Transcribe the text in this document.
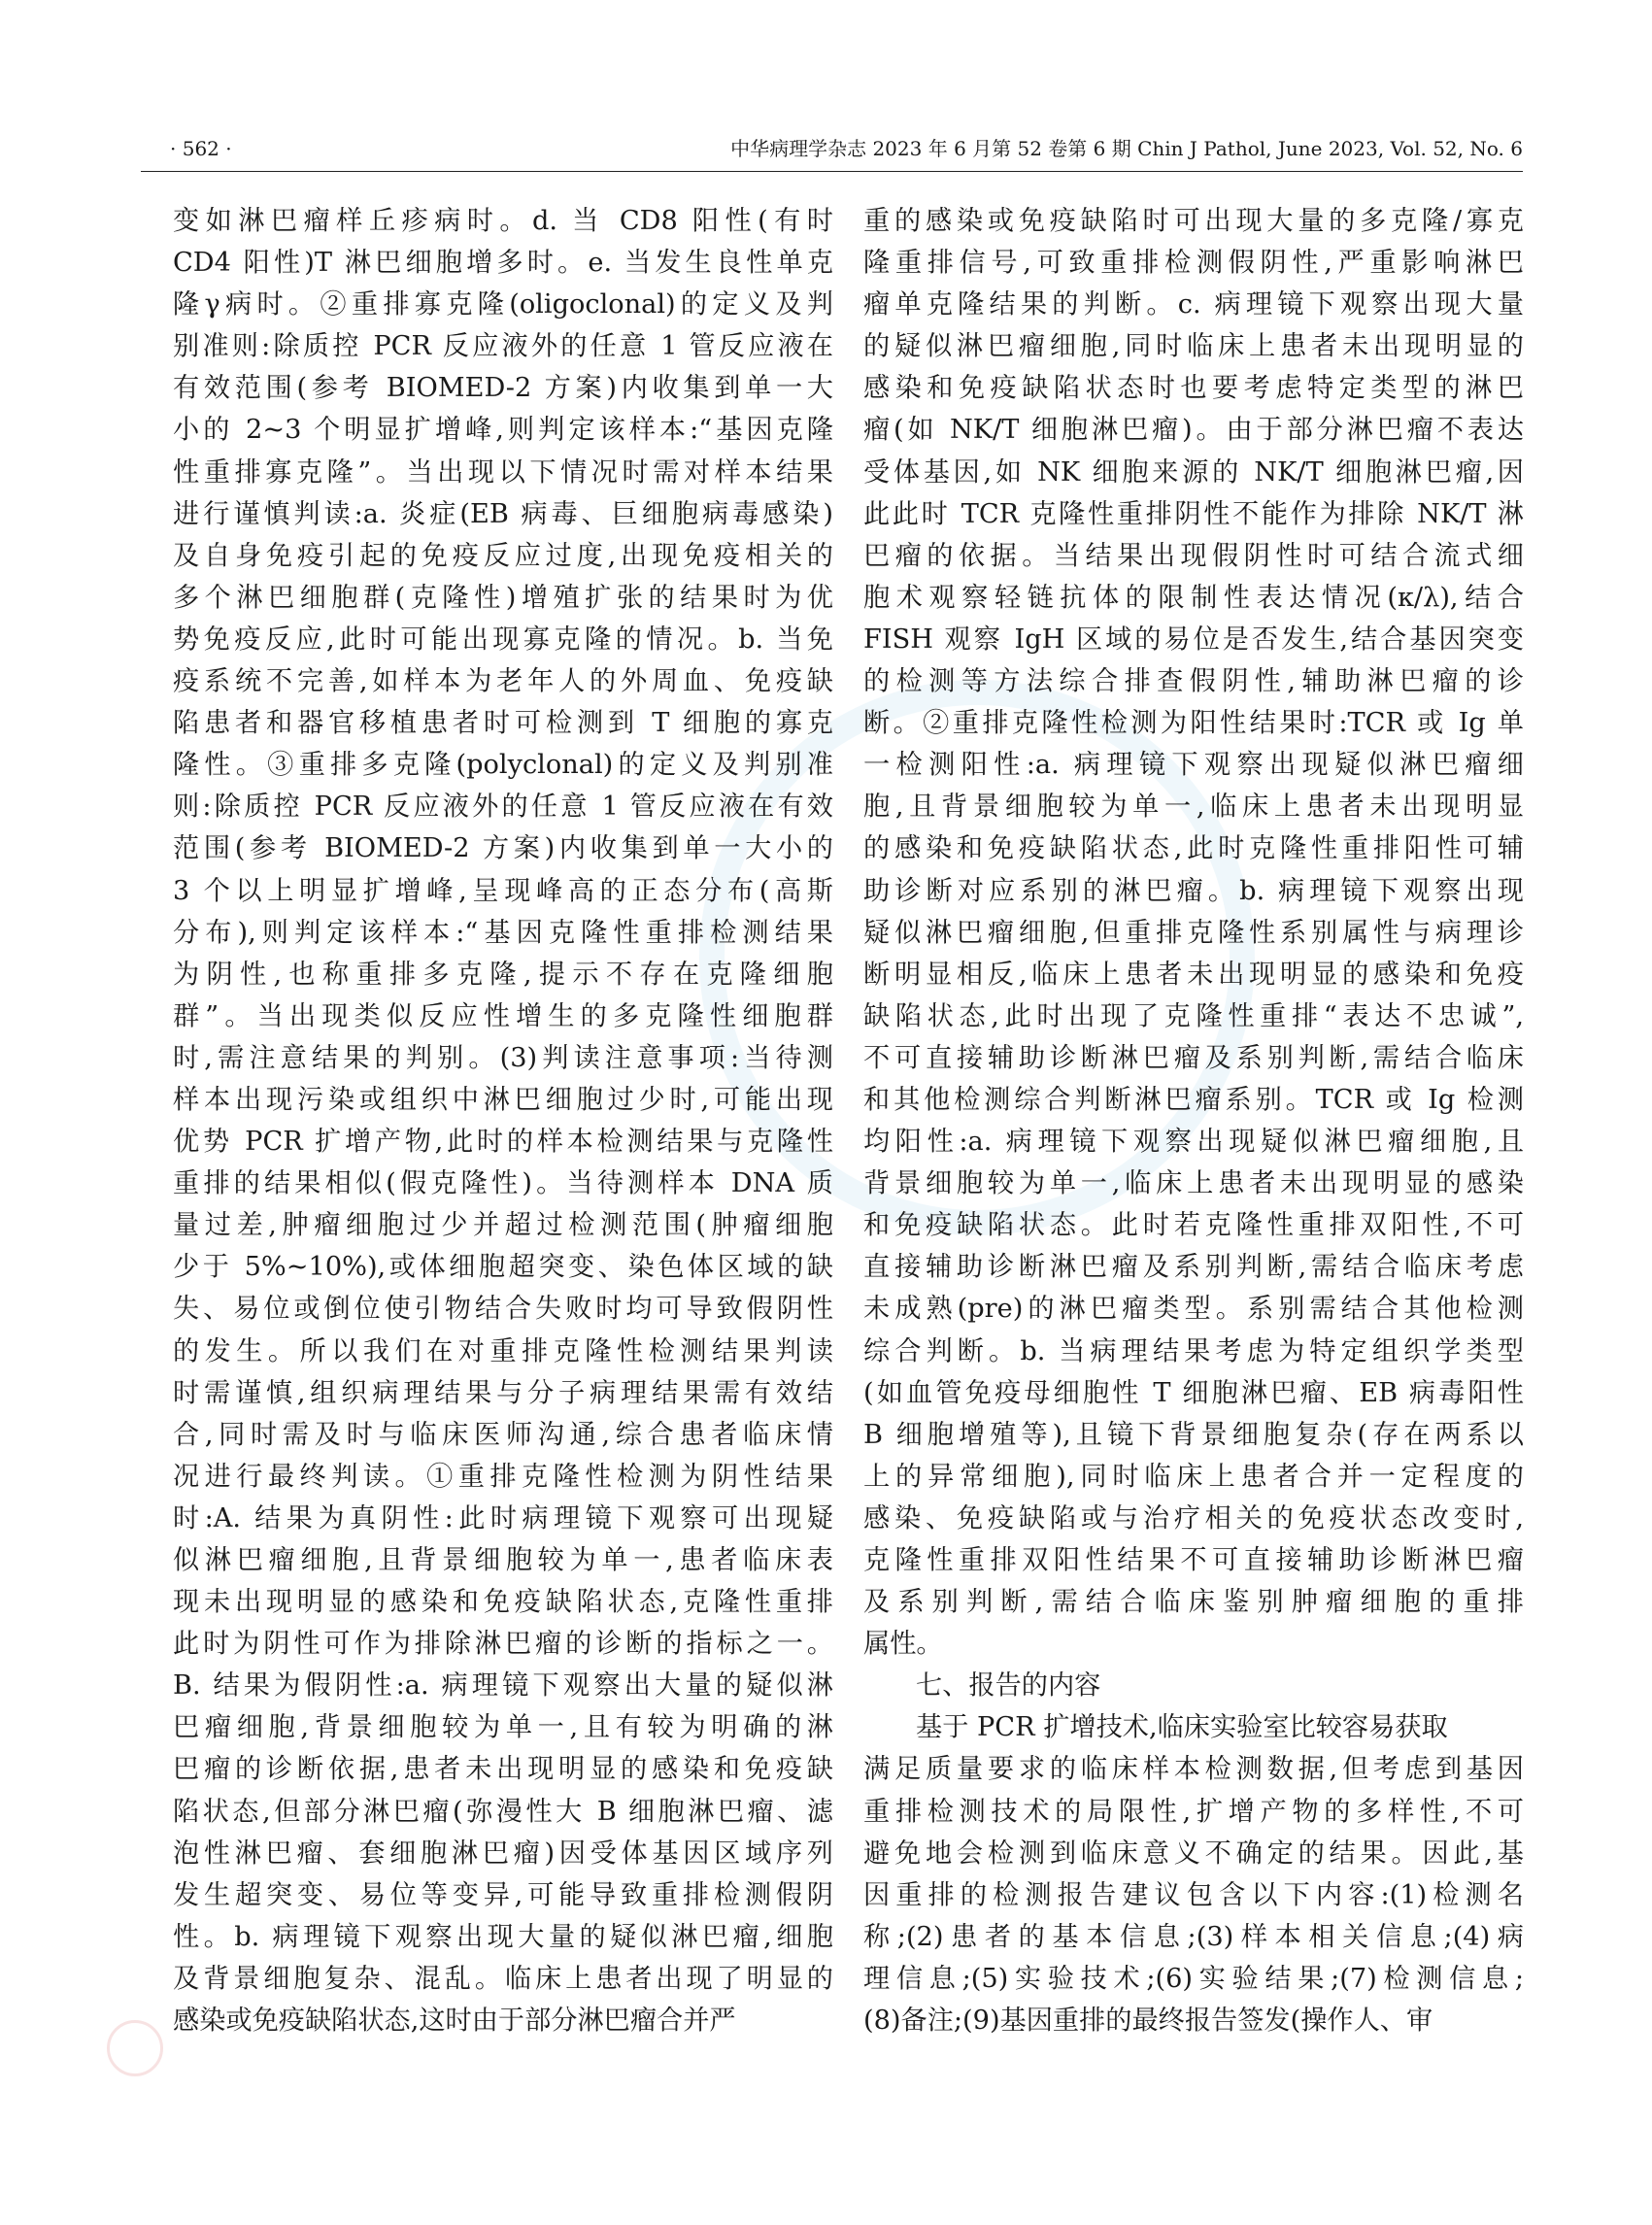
· 562 ·	中华病理学杂志 2023 年 6 月第 52 卷第 6 期 Chin J Pathol, June 2023, Vol. 52, No. 6
变如淋巴瘤样丘疹病时。d. 当 CD8 阳性(有时
CD4 阳性)T 淋巴细胞增多时。e. 当发生良性单克
隆γ病时。②重排寡克隆(oligoclonal)的定义及判
别准则:除质控 PCR 反应液外的任意 1 管反应液在
有效范围(参考 BIOMED-2 方案)内收集到单一大
小的 2~3 个明显扩增峰,则判定该样本:“基因克隆
性重排寡克隆”。当出现以下情况时需对样本结果
进行谨慎判读:a. 炎症(EB 病毒、巨细胞病毒感染)
及自身免疫引起的免疫反应过度,出现免疫相关的
多个淋巴细胞群(克隆性)增殖扩张的结果时为优
势免疫反应,此时可能出现寡克隆的情况。b. 当免
疫系统不完善,如样本为老年人的外周血、免疫缺
陷患者和器官移植患者时可检测到 T 细胞的寡克
隆性。③重排多克隆(polyclonal)的定义及判别准
则:除质控 PCR 反应液外的任意 1 管反应液在有效
范围(参考 BIOMED-2 方案)内收集到单一大小的
3 个以上明显扩增峰,呈现峰高的正态分布(高斯
分布),则判定该样本:“基因克隆性重排检测结果
为阴性,也称重排多克隆,提示不存在克隆细胞
群”。当出现类似反应性增生的多克隆性细胞群
时,需注意结果的判别。(3)判读注意事项:当待测
样本出现污染或组织中淋巴细胞过少时,可能出现
优势 PCR 扩增产物,此时的样本检测结果与克隆性
重排的结果相似(假克隆性)。当待测样本 DNA 质
量过差,肿瘤细胞过少并超过检测范围(肿瘤细胞
少于 5%~10%),或体细胞超突变、染色体区域的缺
失、易位或倒位使引物结合失败时均可导致假阴性
的发生。所以我们在对重排克隆性检测结果判读
时需谨慎,组织病理结果与分子病理结果需有效结
合,同时需及时与临床医师沟通,综合患者临床情
况进行最终判读。①重排克隆性检测为阴性结果
时:A. 结果为真阴性:此时病理镜下观察可出现疑
似淋巴瘤细胞,且背景细胞较为单一,患者临床表
现未出现明显的感染和免疫缺陷状态,克隆性重排
此时为阴性可作为排除淋巴瘤的诊断的指标之一。
B. 结果为假阴性:a. 病理镜下观察出大量的疑似淋
巴瘤细胞,背景细胞较为单一,且有较为明确的淋
巴瘤的诊断依据,患者未出现明显的感染和免疫缺
陷状态,但部分淋巴瘤(弥漫性大 B 细胞淋巴瘤、滤
泡性淋巴瘤、套细胞淋巴瘤)因受体基因区域序列
发生超突变、易位等变异,可能导致重排检测假阴
性。b. 病理镜下观察出现大量的疑似淋巴瘤,细胞
及背景细胞复杂、混乱。临床上患者出现了明显的
感染或免疫缺陷状态,这时由于部分淋巴瘤合并严
重的感染或免疫缺陷时可出现大量的多克隆/寡克
隆重排信号,可致重排检测假阴性,严重影响淋巴
瘤单克隆结果的判断。c. 病理镜下观察出现大量
的疑似淋巴瘤细胞,同时临床上患者未出现明显的
感染和免疫缺陷状态时也要考虑特定类型的淋巴
瘤(如 NK/T 细胞淋巴瘤)。由于部分淋巴瘤不表达
受体基因,如 NK 细胞来源的 NK/T 细胞淋巴瘤,因
此此时 TCR 克隆性重排阴性不能作为排除 NK/T 淋
巴瘤的依据。当结果出现假阴性时可结合流式细
胞术观察轻链抗体的限制性表达情况(κ/λ),结合
FISH 观察 IgH 区域的易位是否发生,结合基因突变
的检测等方法综合排查假阴性,辅助淋巴瘤的诊
断。②重排克隆性检测为阳性结果时:TCR 或 Ig 单
一检测阳性:a. 病理镜下观察出现疑似淋巴瘤细
胞,且背景细胞较为单一,临床上患者未出现明显
的感染和免疫缺陷状态,此时克隆性重排阳性可辅
助诊断对应系别的淋巴瘤。b. 病理镜下观察出现
疑似淋巴瘤细胞,但重排克隆性系别属性与病理诊
断明显相反,临床上患者未出现明显的感染和免疫
缺陷状态,此时出现了克隆性重排“表达不忠诚”,
不可直接辅助诊断淋巴瘤及系别判断,需结合临床
和其他检测综合判断淋巴瘤系别。TCR 或 Ig 检测
均阳性:a. 病理镜下观察出现疑似淋巴瘤细胞,且
背景细胞较为单一,临床上患者未出现明显的感染
和免疫缺陷状态。此时若克隆性重排双阳性,不可
直接辅助诊断淋巴瘤及系别判断,需结合临床考虑
未成熟(pre)的淋巴瘤类型。系别需结合其他检测
综合判断。b. 当病理结果考虑为特定组织学类型
(如血管免疫母细胞性 T 细胞淋巴瘤、EB 病毒阳性
B 细胞增殖等),且镜下背景细胞复杂(存在两系以
上的异常细胞),同时临床上患者合并一定程度的
感染、免疫缺陷或与治疗相关的免疫状态改变时,
克隆性重排双阳性结果不可直接辅助诊断淋巴瘤
及系别判断,需结合临床鉴别肿瘤细胞的重排
属性。
七、报告的内容
基于 PCR 扩增技术,临床实验室比较容易获取
满足质量要求的临床样本检测数据,但考虑到基因
重排检测技术的局限性,扩增产物的多样性,不可
避免地会检测到临床意义不确定的结果。因此,基
因重排的检测报告建议包含以下内容:(1)检测名
称;(2)患者的基本信息;(3)样本相关信息;(4)病
理信息;(5)实验技术;(6)实验结果;(7)检测信息;
(8)备注;(9)基因重排的最终报告签发(操作人、审
